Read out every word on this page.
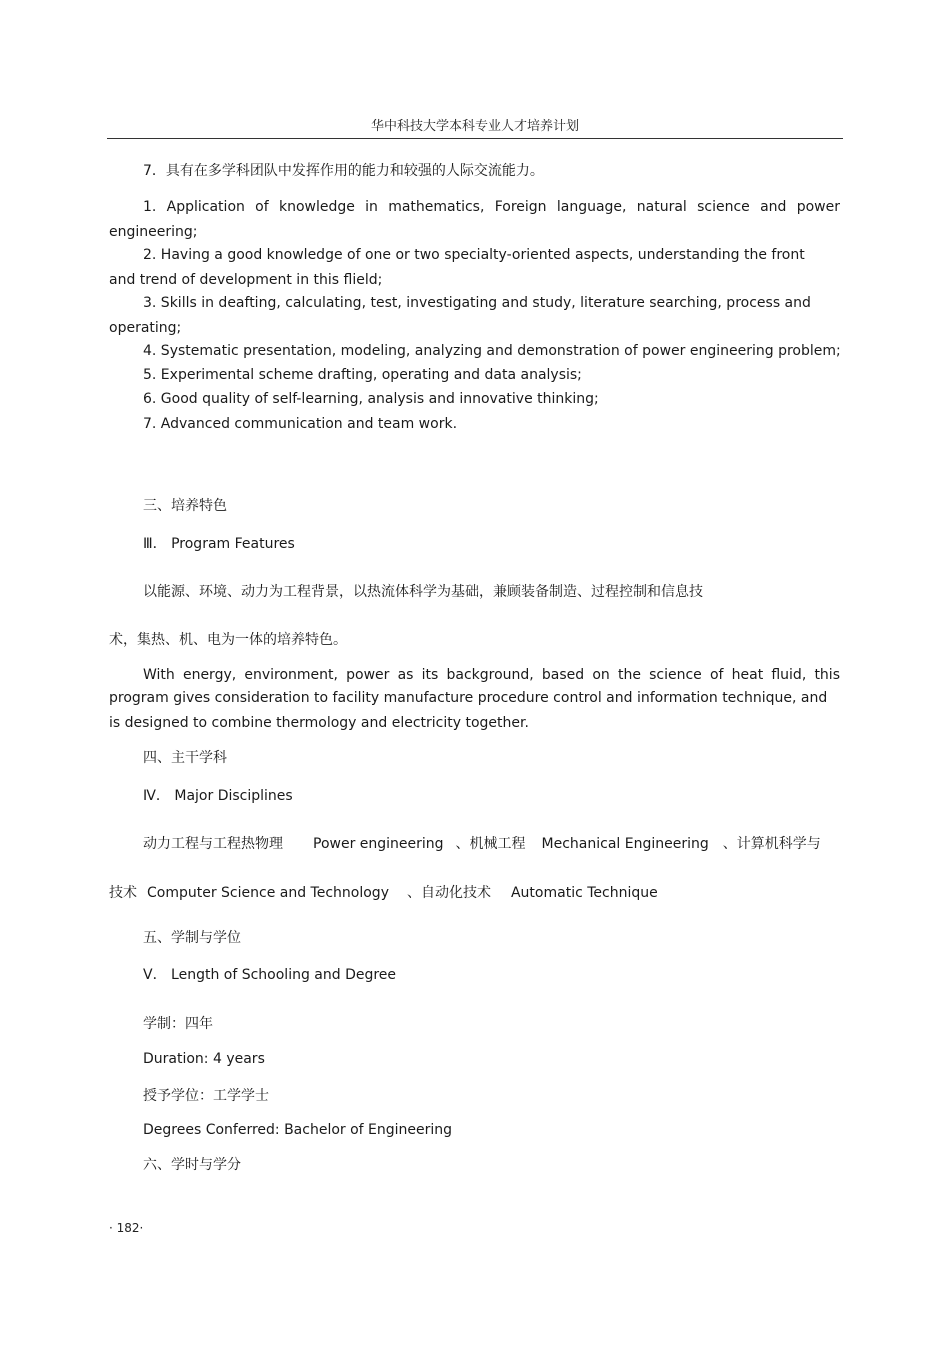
华中科技大学本科专业人才培养计划
7．具有在多学科团队中发挥作用的能力和较强的人际交流能力。
1. Application of knowledge in mathematics, Foreign language, natural science and power
engineering;
2. Having a good knowledge of one or two specialty-oriented aspects, understanding the front
and trend of development in this flield;
3. Skills in deafting, calculating, test, investigating and study, literature searching, process and
operating;
4. Systematic presentation, modeling, analyzing and demonstration of power engineering problem;
5. Experimental scheme drafting, operating and data analysis;
6. Good quality of self-learning, analysis and innovative thinking;
7. Advanced communication and team work.
三、培养特色
Ⅲ． Program Features
以能源、环境、动力为工程背景，以热流体科学为基础，兼顾装备制造、过程控制和信息技
术，集热、机、电为一体的培养特色。
With energy, environment, power as its background, based on the science of heat fluid, this
program gives consideration to facility manufacture procedure control and information technique, and
is designed to combine thermology and electricity together.
四、主干学科
Ⅳ． Major Disciplines
动力工程与工程热物理 Power engineering 、机械工程 Mechanical Engineering 、计算机科学与
技术 Computer Science and Technology 、自动化技术 Automatic Technique
五、学制与学位
Ⅴ． Length of Schooling and Degree
学制：四年
Duration: 4 years
授予学位：工学学士
Degrees Conferred: Bachelor of Engineering
六、学时与学分
· 182·
